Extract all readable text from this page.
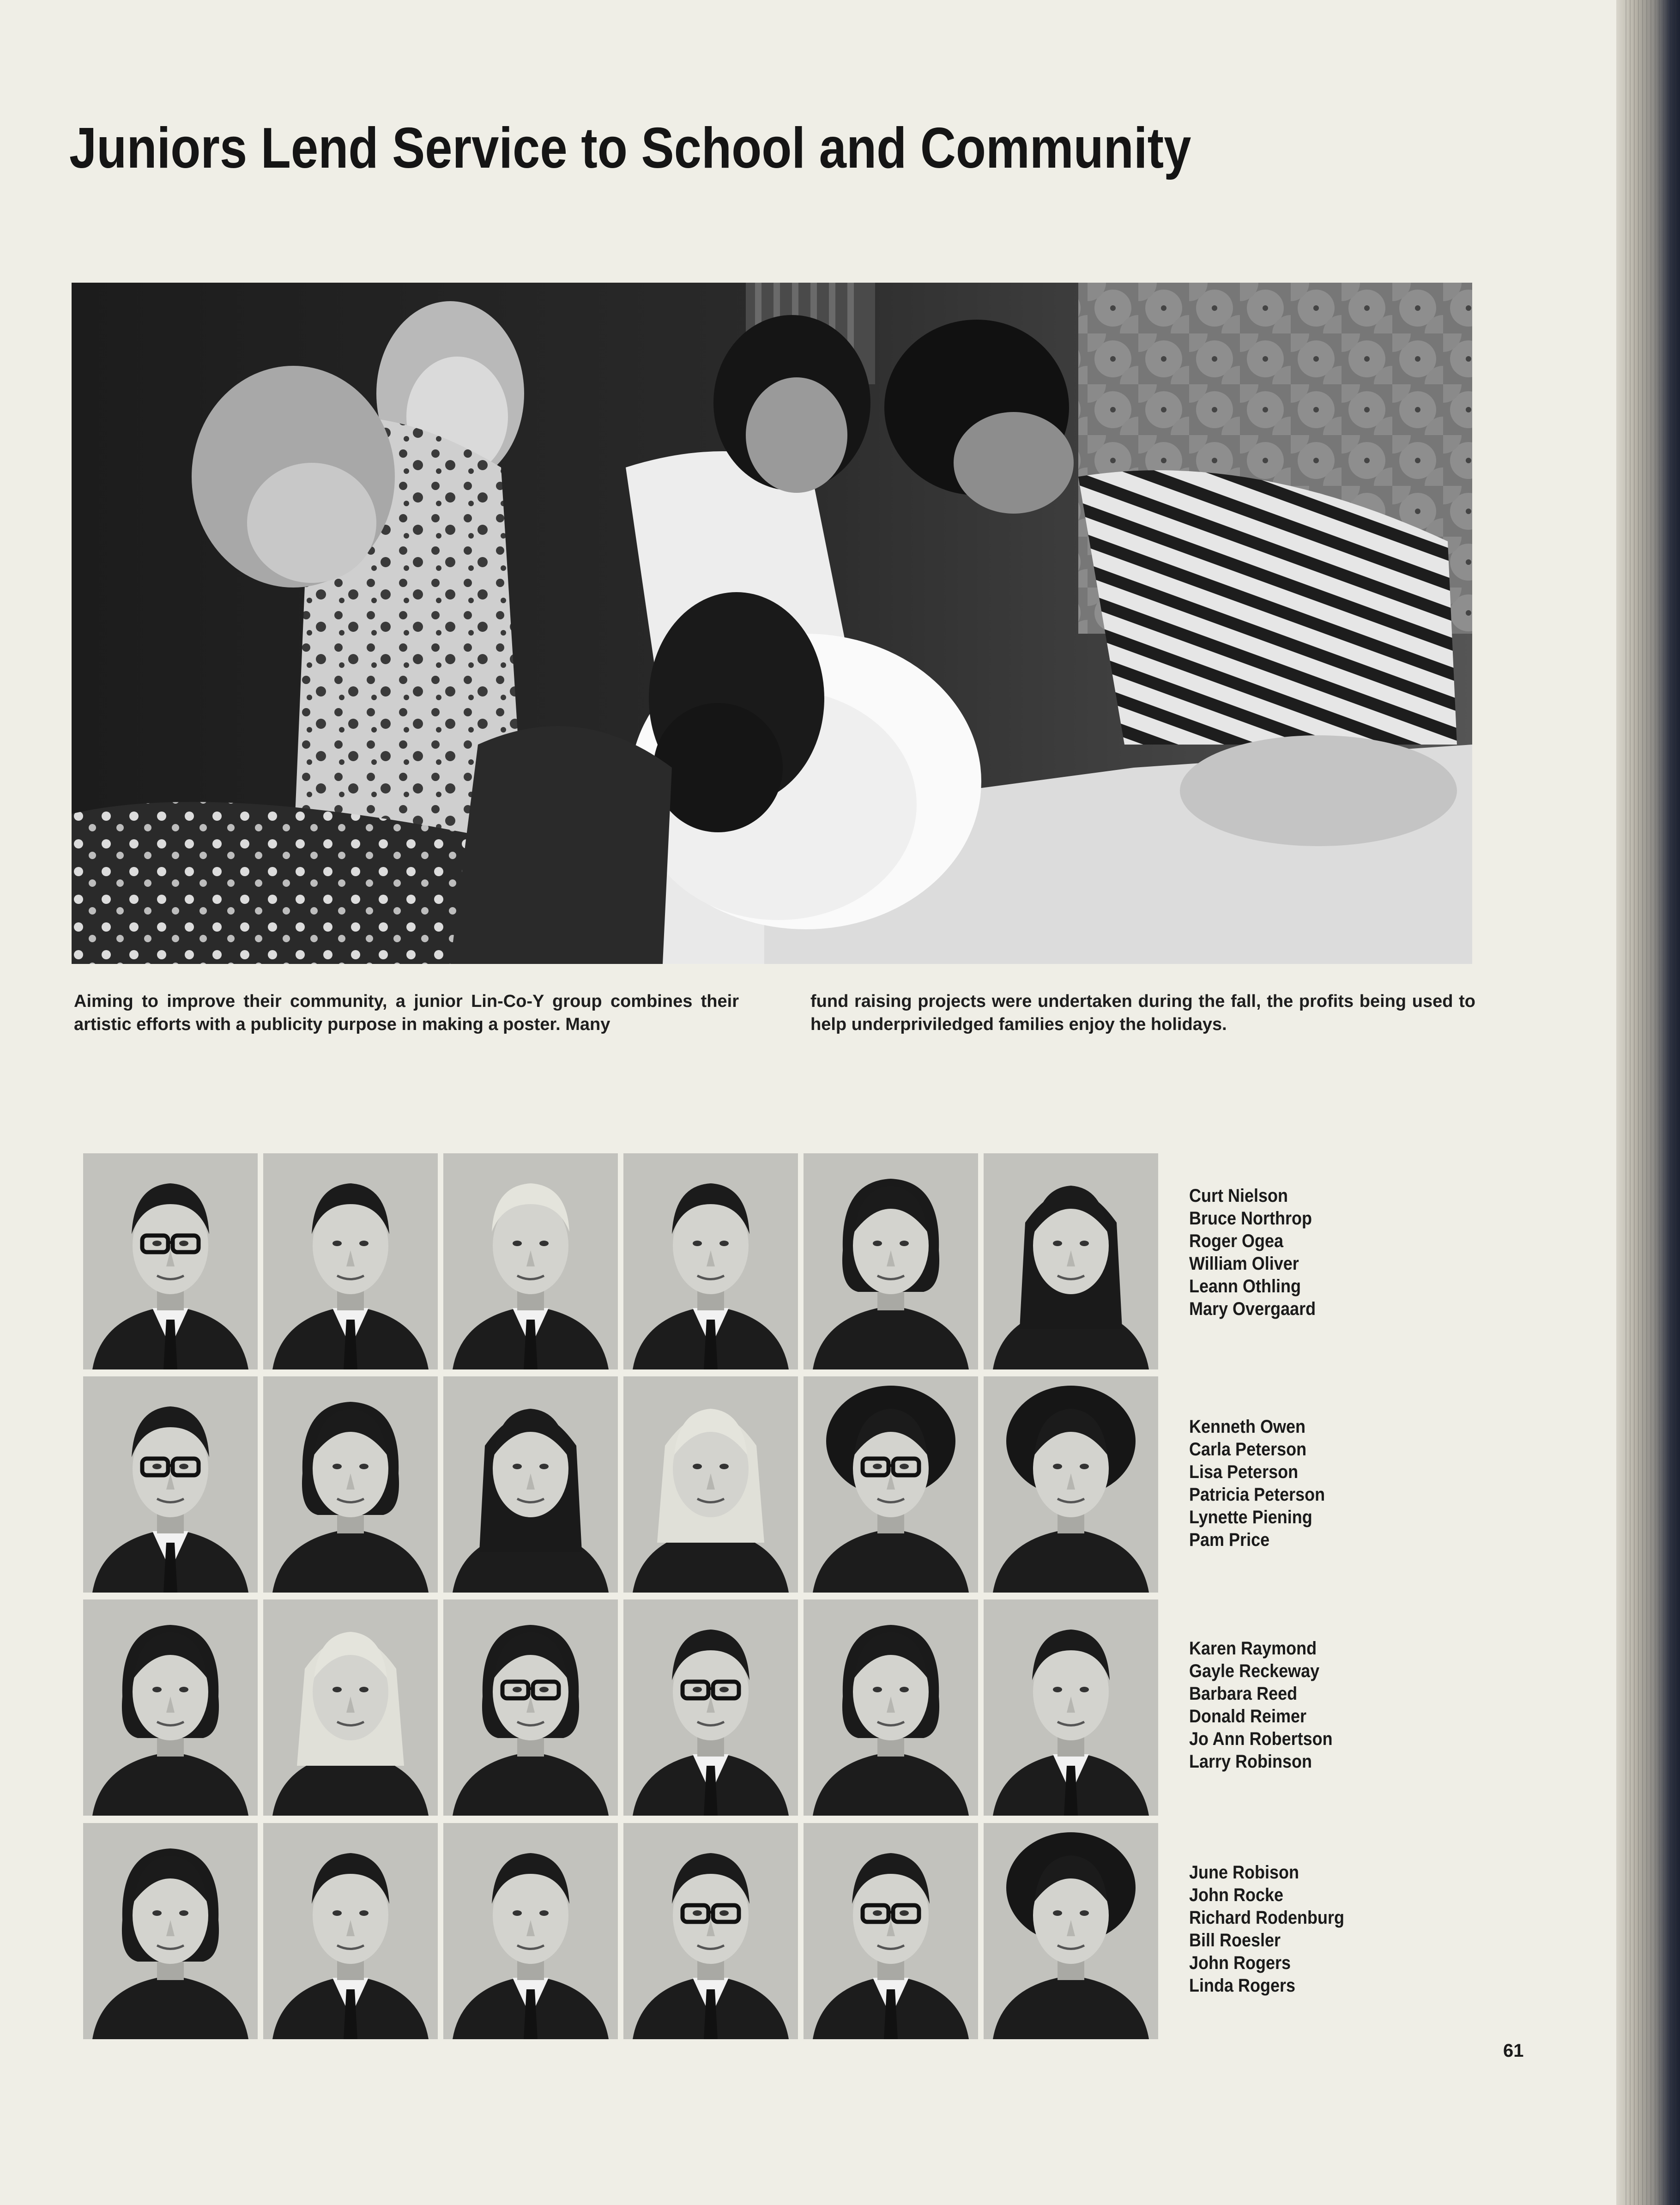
Juniors Lend Service to School and Community
Aiming to improve their community, a junior Lin-Co-Y group combines their artistic efforts with a publicity purpose in making a poster. Many
fund raising projects were undertaken during the fall, the profits being used to help underpriviledged families enjoy the holidays.
Curt Nielson
Bruce Northrop
Roger Ogea
William Oliver
Leann Othling
Mary Overgaard
Kenneth Owen
Carla Peterson
Lisa Peterson
Patricia Peterson
Lynette Piening
Pam Price
Karen Raymond
Gayle Reckeway
Barbara Reed
Donald Reimer
Jo Ann Robertson
Larry Robinson
June Robison
John Rocke
Richard Rodenburg
Bill Roesler
John Rogers
Linda Rogers
61
